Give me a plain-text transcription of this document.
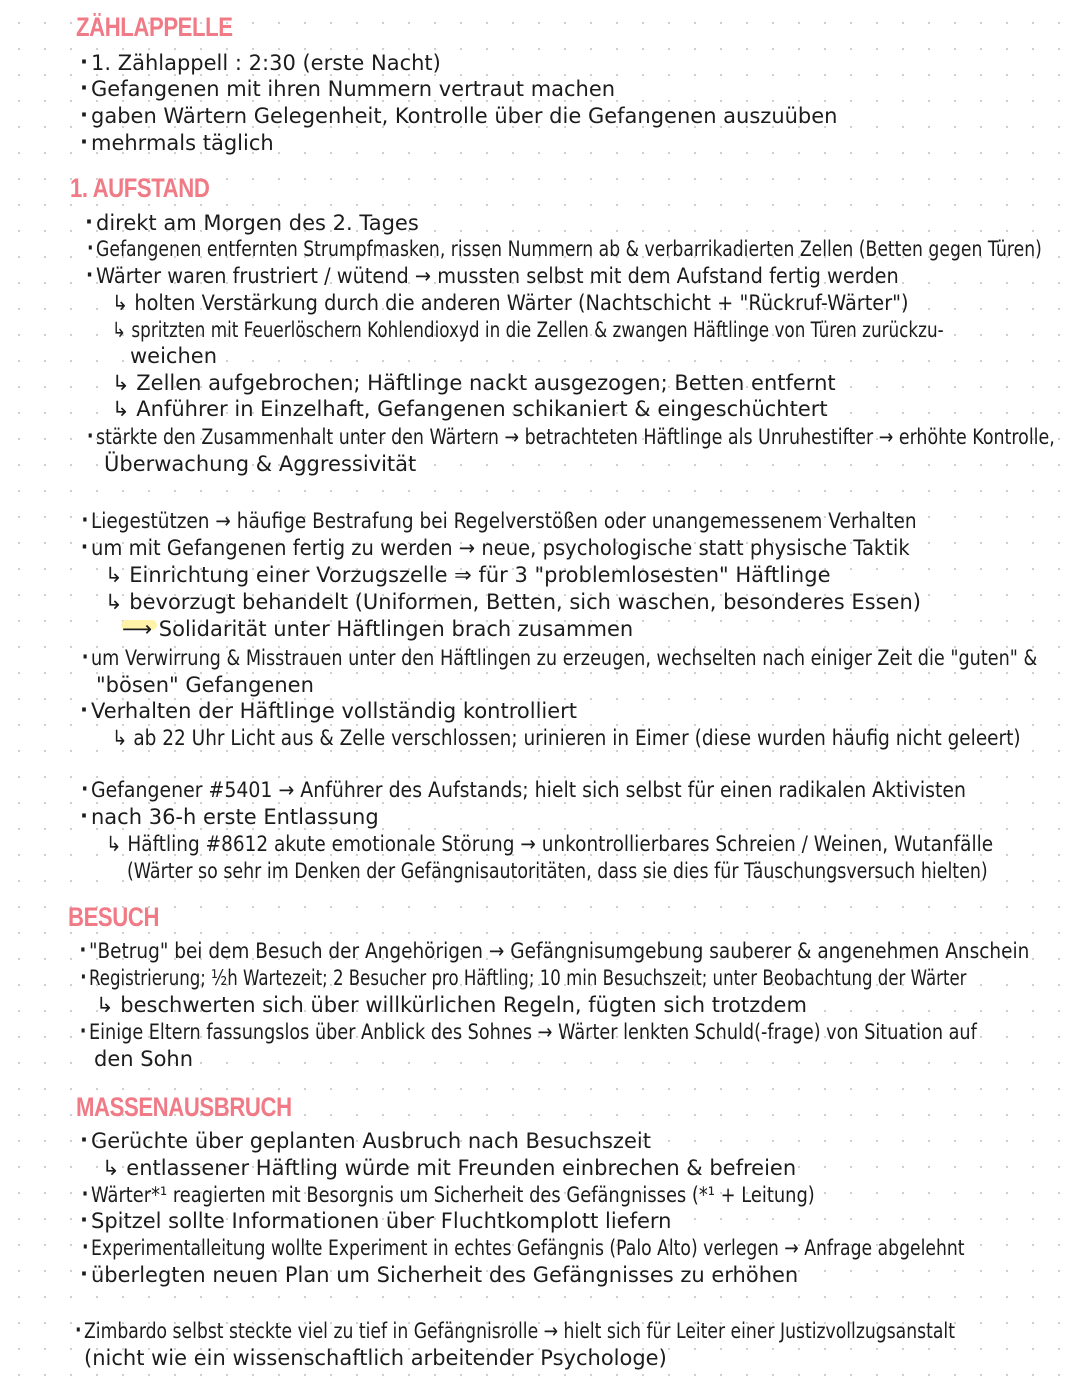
ZÄHLAPPELLE

· 1. Zählappell : 2:30 (erste Nacht)

· Gefangenen mit ihren Nummern vertraut machen

· gaben Wärtern Gelegenheit, Kontrolle über die Gefangenen auszuüben

· mehrmals täglich

1. AUFSTAND

· direkt am Morgen des 2. Tages

· Gefangenen entfernten Strumpfmasken, rissen Nummern ab & verbarrikadierten Zellen (Betten gegen Türen)

· Wärter waren frustriert / wütend → mussten selbst mit dem Aufstand fertig werden

↳ holten Verstärkung durch die anderen Wärter (Nachtschicht + "Rückruf-Wärter")

↳ spritzten mit Feuerlöschern Kohlendioxyd in die Zellen & zwangen Häftlinge von Türen zurückzu-

weichen

↳ Zellen aufgebrochen; Häftlinge nackt ausgezogen; Betten entfernt

↳ Anführer in Einzelhaft, Gefangenen schikaniert & eingeschüchtert

· stärkte den Zusammenhalt unter den Wärtern → betrachteten Häftlinge als Unruhestifter → erhöhte Kontrolle,

Überwachung & Aggressivität

· Liegestützen → häufige Bestrafung bei Regelverstößen oder unangemessenem Verhalten

· um mit Gefangenen fertig zu werden → neue, psychologische statt physische Taktik

↳ Einrichtung einer Vorzugszelle ⇒ für 3 "problemlosesten" Häftlinge

↳ bevorzugt behandelt (Uniformen, Betten, sich waschen, besonderes Essen)

⟶ Solidarität unter Häftlingen brach zusammen

· um Verwirrung & Misstrauen unter den Häftlingen zu erzeugen, wechselten nach einiger Zeit die "guten" &

"bösen" Gefangenen

· Verhalten der Häftlinge vollständig kontrolliert

↳ ab 22 Uhr Licht aus & Zelle verschlossen; urinieren in Eimer (diese wurden häufig nicht geleert)

· Gefangener #5401 → Anführer des Aufstands; hielt sich selbst für einen radikalen Aktivisten

· nach 36-h erste Entlassung

↳ Häftling #8612 akute emotionale Störung → unkontrollierbares Schreien / Weinen, Wutanfälle

(Wärter so sehr im Denken der Gefängnisautoritäten, dass sie dies für Täuschungsversuch hielten)

BESUCH

· "Betrug" bei dem Besuch der Angehörigen → Gefängnisumgebung sauberer & angenehmen Anschein

· Registrierung; ½h Wartezeit; 2 Besucher pro Häftling; 10 min Besuchszeit; unter Beobachtung der Wärter

↳ beschwerten sich über willkürlichen Regeln, fügten sich trotzdem

· Einige Eltern fassungslos über Anblick des Sohnes → Wärter lenkten Schuld(-frage) von Situation auf

den Sohn

MASSENAUSBRUCH

· Gerüchte über geplanten Ausbruch nach Besuchszeit

↳ entlassener Häftling würde mit Freunden einbrechen & befreien

· Wärter*¹ reagierten mit Besorgnis um Sicherheit des Gefängnisses (*¹ + Leitung)

· Spitzel sollte Informationen über Fluchtkomplott liefern

· Experimentalleitung wollte Experiment in echtes Gefängnis (Palo Alto) verlegen → Anfrage abgelehnt

· überlegten neuen Plan um Sicherheit des Gefängnisses zu erhöhen

· Zimbardo selbst steckte viel zu tief in Gefängnisrolle → hielt sich für Leiter einer Justizvollzugsanstalt

(nicht wie ein wissenschaftlich arbeitender Psychologe)
